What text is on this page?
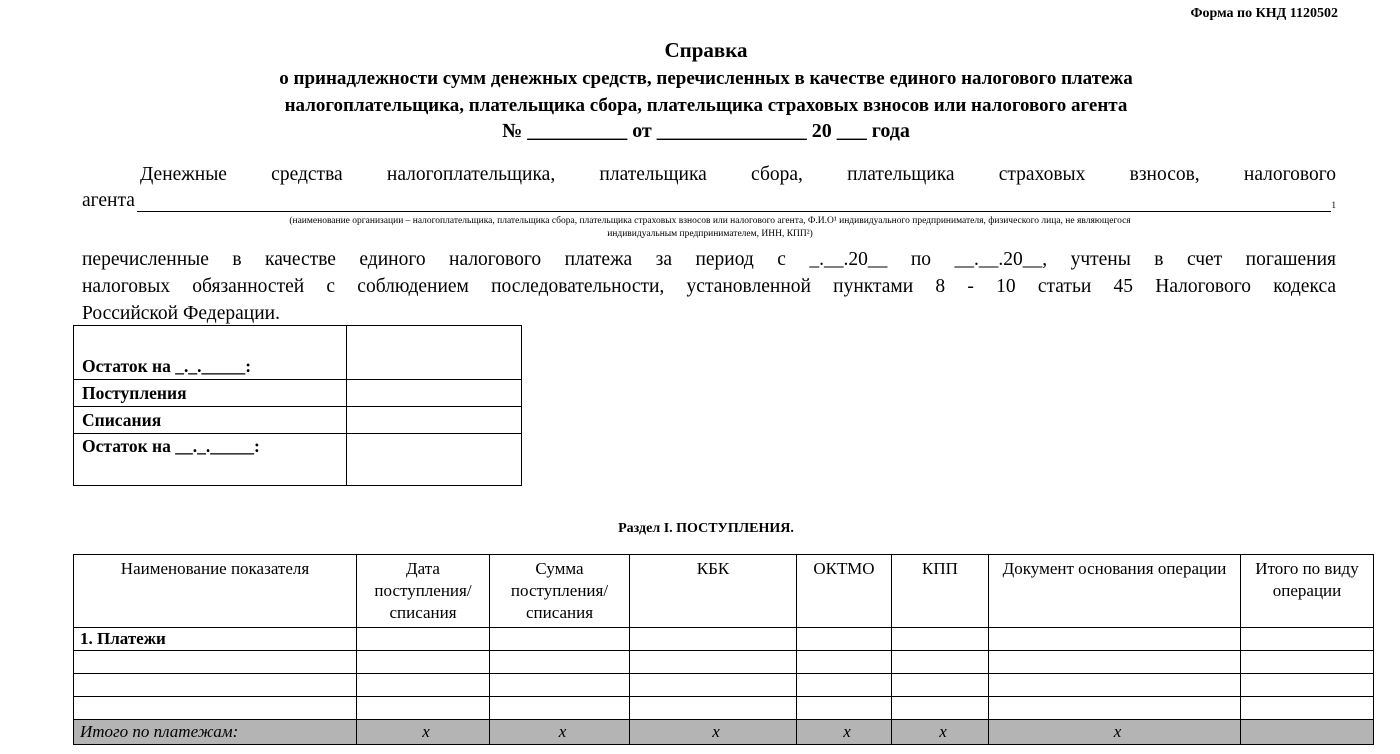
Форма по КНД 1120502
Справка
о принадлежности сумм денежных средств, перечисленных в качестве единого налогового платежа
налогоплательщика, плательщика сбора, плательщика страховых взносов или налогового агента
№ __________ от _______________ 20 ___ года
Денежные средства налогоплательщика, плательщика сбора, плательщика страховых взносов, налогового
агента	1
(наименование организации – налогоплательщика, плательщика сбора, плательщика страховых взносов или налогового агента, Ф.И.О¹ индивидуального предпринимателя, физического лица, не являющегося
индивидуальным предпринимателем, ИНН, КПП²)
перечисленные в качестве единого налогового платежа за период с _.__.20__ по __.__.20__, учтены в счет погашения
налоговых обязанностей с соблюдением последовательности, установленной пунктами 8 - 10 статьи 45 Налогового кодекса
Российской Федерации.
Остаток на _._._____:	
Поступления	
Списания	
Остаток на __._._____:	
Раздел I. ПОСТУПЛЕНИЯ.
Наименование показателя	Дата поступления/ списания	Сумма поступления/ списания	КБК	ОКТМО	КПП	Документ основания операции	Итого по виду операции
1. Платежи							

Итого по платежам:	x	x	x	x	x	x	
